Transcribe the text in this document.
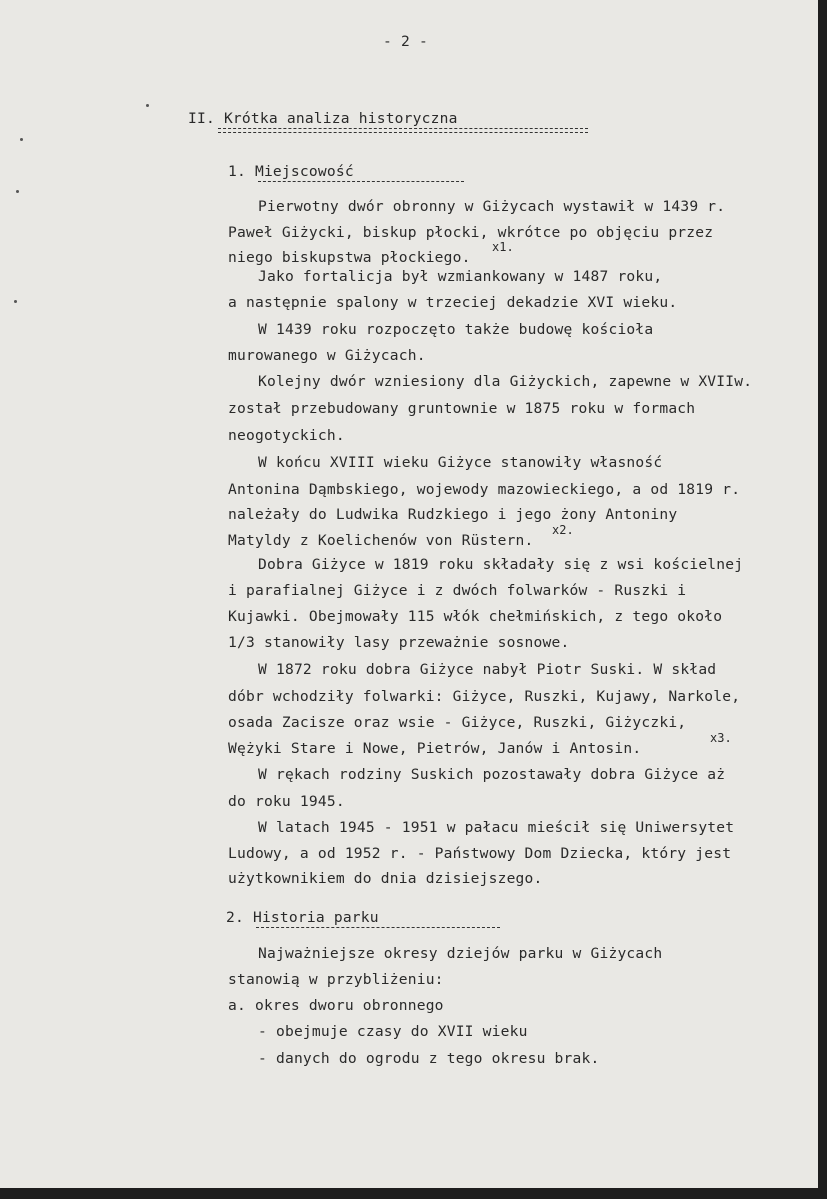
- 2 -
II. Krótka analiza historyczna
1. Miejscowość
Pierwotny dwór obronny w Giżycach wystawił w 1439 r.
Paweł Giżycki, biskup płocki, wkrótce po objęciu przez
niego biskupstwa płockiego.
x1.
Jako fortalicja był wzmiankowany w 1487 roku,
a następnie spalony w trzeciej dekadzie XVI wieku.
W 1439 roku rozpoczęto także budowę kościoła
murowanego w Giżycach.
Kolejny dwór wzniesiony dla Giżyckich, zapewne w XVIIw.
został przebudowany gruntownie w 1875 roku w formach
neogotyckich.
W końcu XVIII wieku Giżyce stanowiły własność
Antonina Dąmbskiego, wojewody mazowieckiego, a od 1819 r.
należały do Ludwika Rudzkiego i jego żony Antoniny
Matyldy z Koelichenów von Rüstern.
x2.
Dobra Giżyce w 1819 roku składały się z wsi kościelnej
i parafialnej Giżyce i z dwóch folwarków - Ruszki i
Kujawki. Obejmowały 115 włók chełmińskich, z tego około
1/3 stanowiły lasy przeważnie sosnowe.
W 1872 roku dobra Giżyce nabył Piotr Suski. W skład
dóbr wchodziły folwarki: Giżyce, Ruszki, Kujawy, Narkole,
osada Zacisze oraz wsie - Giżyce, Ruszki, Giżyczki,
Wężyki Stare i Nowe, Pietrów, Janów i Antosin.
x3.
W rękach rodziny Suskich pozostawały dobra Giżyce aż
do roku 1945.
W latach 1945 - 1951 w pałacu mieścił się Uniwersytet
Ludowy, a od 1952 r. - Państwowy Dom Dziecka, który jest
użytkownikiem do dnia dzisiejszego.
2. Historia parku
Najważniejsze okresy dziejów parku w Giżycach
stanowią w przybliżeniu:
a. okres dworu obronnego
- obejmuje czasy do XVII wieku
- danych do ogrodu z tego okresu brak.
